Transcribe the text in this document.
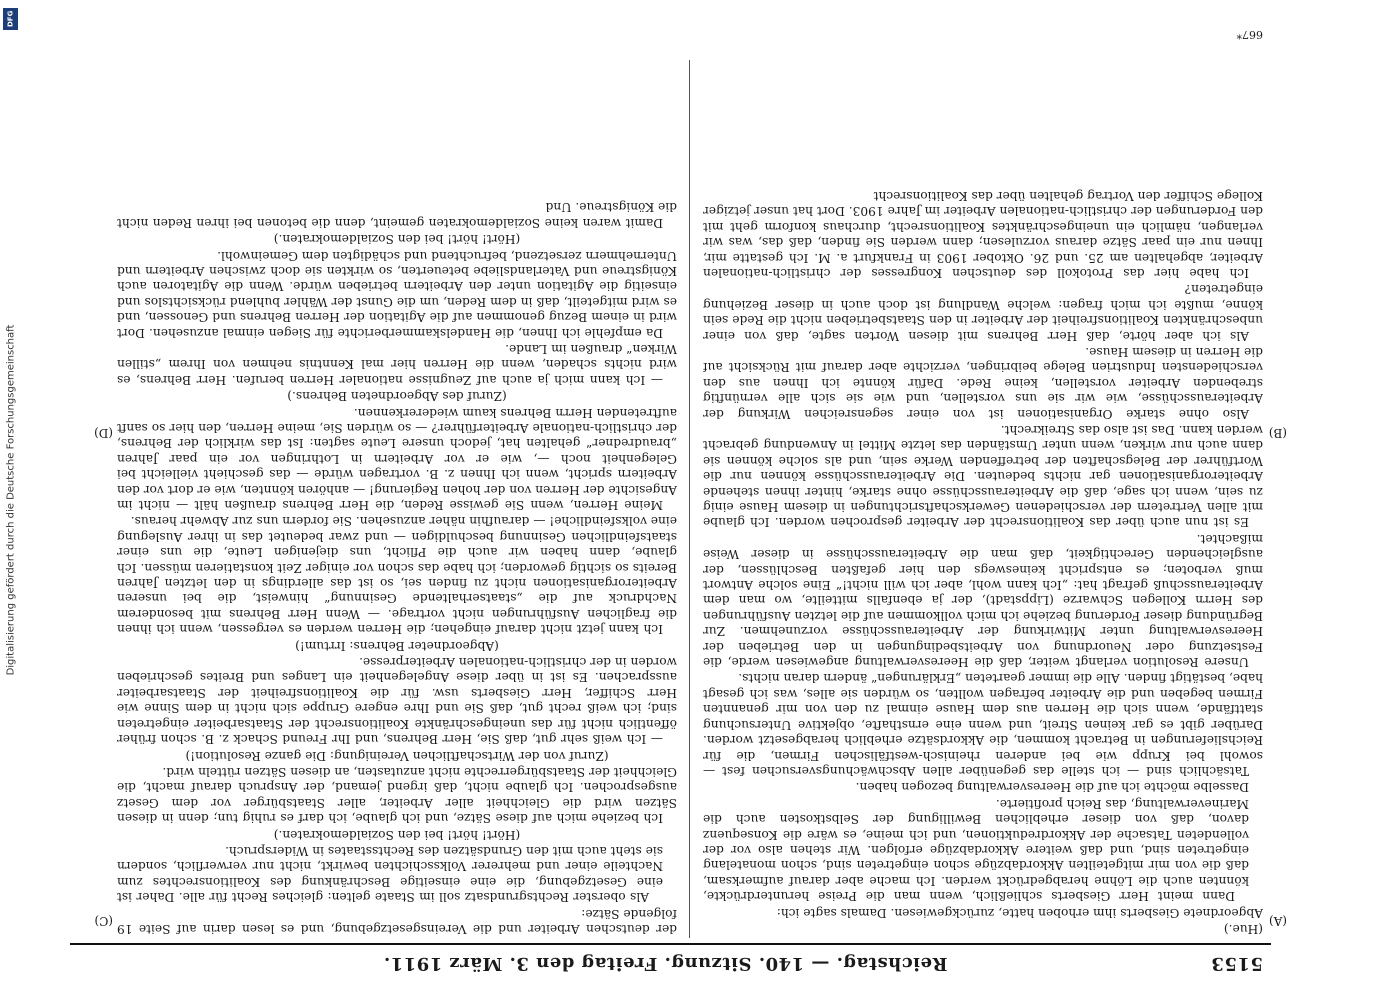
5153
Reichstag. — 140. Sitzung. Freitag den 3. März 1911.

(Hue.)

Abgeordnete Giesberts ihm erhoben hatte, zurückgewiesen. Damals sagte ich:

Dann meint Herr Giesberts schließlich, wenn man die Preise herunterdrückte, könnten auch die Löhne herabgedrückt werden. Ich mache aber darauf aufmerksam, daß die von mir mitgeteilten Akkordabzüge schon eingetreten sind, schon monatelang eingetreten sind, und daß weitere Akkordabzüge erfolgen. Wir stehen also vor der vollendeten Tatsache der Akkordreduktionen, und ich meine, es wäre die Konsequenz davon, daß von dieser erheblichen Bewilligung der Selbstkosten auch die Marineverwaltung, das Reich profitierte.

Dasselbe möchte ich auf die Heeresverwaltung bezogen haben.

Tatsächlich sind — ich stelle das gegenüber allen Abschwächungsversuchen fest — sowohl bei Krupp wie bei anderen rheinisch-westfälischen Firmen, die für Reichslieferungen in Betracht kommen, die Akkordsätze erheblich herabgesetzt worden. Darüber gibt es gar keinen Streit, und wenn eine ernsthafte, objektive Untersuchung stattfände, wenn sich die Herren aus dem Hause einmal zu den von mir genannten Firmen begeben und die Arbeiter befragen wollten, so würden sie alles, was ich gesagt habe, bestätigt finden. Alle die immer gearteten „Erklärungen“ ändern daran nichts.

Unsere Resolution verlangt weiter, daß die Heeresverwaltung angewiesen werde, die Festsetzung oder Neuordnung von Arbeitsbedingungen in den Betrieben der Heeresverwaltung unter Mitwirkung der Arbeiterausschüsse vorzunehmen. Zur Begründung dieser Forderung beziehe ich mich vollkommen auf die letzten Ausführungen des Herrn Kollegen Schwarze (Lippstadt), der ja ebenfalls mitteilte, wo man dem Arbeiterausschuß gefragt hat: „Ich kann wohl, aber ich will nicht!“ Eine solche Antwort muß verboten; es entspricht keineswegs den hier gefaßten Beschlüssen, der ausgleichenden Gerechtigkeit, daß man die Arbeiterausschüsse in dieser Weise mißachtet.

Es ist nun auch über das Koalitionsrecht der Arbeiter gesprochen worden. Ich glaube mit allen Vertretern der verschiedenen Gewerkschaftsrichtungen in diesem Hause einig zu sein, wenn ich sage, daß die Arbeiterausschüsse ohne starke, hinter ihnen stehende Arbeiterorganisationen gar nichts bedeuten. Die Arbeiterausschüsse können nur die Wortführer der Belegschaften der betreffenden Werke sein, und als solche können sie dann auch nur wirken, wenn unter Umständen das letzte Mittel in Anwendung gebracht werden kann. Das ist also das Streikrecht.

Also ohne starke Organisationen ist von einer segensreichen Wirkung der Arbeiterausschüsse, wie wir sie uns vorstellen, und wie sie sich alle vernünftig strebenden Arbeiter vorstellen, keine Rede. Dafür könnte ich Ihnen aus den verschiedensten Industrien Belege beibringen, verzichte aber darauf mit Rücksicht auf die Herren in diesem Hause.

Als ich aber hörte, daß Herr Behrens mit diesen Worten sagte, daß von einer unbeschränkten Koalitionsfreiheit der Arbeiter in den Staatsbetrieben nicht die Rede sein könne, mußte ich mich fragen: welche Wandlung ist doch auch in dieser Beziehung eingetreten?

Ich habe hier das Protokoll des deutschen Kongresses der christlich-nationalen Arbeiter, abgehalten am 25. und 26. Oktober 1903 in Frankfurt a. M. Ich gestatte mir, Ihnen nur ein paar Sätze daraus vorzulesen; dann werden Sie finden, daß das, was wir verlangen, nämlich ein uneingeschränktes Koalitionsrecht, durchaus konform geht mit den Forderungen der christlich-nationalen Arbeiter im Jahre 1903. Dort hat unser jetziger Kollege Schiffer den Vortrag gehalten über das Koalitionsrecht

der deutschen Arbeiter und die Vereinsgesetzgebung, und es lesen darin auf Seite 19 folgende Sätze:

Als oberster Rechtsgrundsatz soll im Staate gelten: gleiches Recht für alle. Daher ist eine Gesetzgebung, die eine einseitige Beschränkung des Koalitionsrechtes zum Nachteile einer und mehrerer Volksschichten bewirkt, nicht nur verwerflich, sondern sie steht auch mit den Grundsätzen des Rechtsstaates in Widerspruch.

(Hört! hört! bei den Sozialdemokraten.)

Ich beziehe mich auf diese Sätze, und ich glaube, ich darf es ruhig tun; denn in diesen Sätzen wird die Gleichheit aller Arbeiter, aller Staatsbürger vor dem Gesetz ausgesprochen. Ich glaube nicht, daß irgend jemand, der Anspruch darauf macht, die Gleichheit der Staatsbürgerrechte nicht anzutasten, an diesen Sätzen rütteln wird.

(Zuruf von der Wirtschaftlichen Vereinigung: Die ganze Resolution!)

— Ich weiß sehr gut, daß Sie, Herr Behrens, und Ihr Freund Schack z. B. schon früher öffentlich nicht für das uneingeschränkte Koalitionsrecht der Staatsarbeiter eingetreten sind; ich weiß recht gut, daß Sie und Ihre engere Gruppe sich nicht in dem Sinne wie Herr Schiffer, Herr Giesberts usw. für die Koalitionsfreiheit der Staatsarbeiter aussprachen. Es ist in über diese Angelegenheit ein Langes und Breites geschrieben worden in der christlich-nationalen Arbeiterpresse.

(Abgeordneter Behrens: Irrtum!)

Ich kann jetzt nicht darauf eingehen; die Herren werden es vergessen, wenn ich ihnen die fraglichen Ausführungen nicht vortrage. — Wenn Herr Behrens mit besonderem Nachdruck auf die „staatserhaltende Gesinnung“ hinweist, die bei unseren Arbeiterorganisationen nicht zu finden sei, so ist das allerdings in den letzten Jahren Bereits so sichtig geworden; ich habe das schon vor einiger Zeit konstatieren müssen. Ich glaube, dann haben wir auch die Pflicht, uns diejenigen Leute, die uns einer staatsfeindlichen Gesinnung beschuldigen — und zwar bedeutet das in ihrer Auslegung eine volksfeindliche! — daraufhin näher anzusehen. Sie fordern uns zur Abwehr heraus.

Meine Herren, wenn Sie gewisse Reden, die Herr Behrens draußen hält — nicht im Angesichte der Herren von der hohen Regierung! — anhören könnten, wie er dort vor den Arbeitern spricht, wenn ich Ihnen z. B. vortragen würde — das geschieht vielleicht bei Gelegenheit noch —, wie er vor Arbeitern in Lothringen vor ein paar Jahren „braudredner“ gehalten hat, jedoch unsere Leute sagten: Ist das wirklich der Behrens, der christlich-nationale Arbeiterführer? — so würden Sie, meine Herren, den hier so sanft auftretenden Herrn Behrens kaum wiedererkennen.

(Zuruf des Abgeordneten Behrens.)

— Ich kann mich ja auch auf Zeugnisse nationaler Herren berufen. Herr Behrens, es wird nichts schaden, wenn die Herren hier mal Kenntnis nehmen von Ihrem „stillen Wirken“ draußen im Lande.

Da empfehle ich Ihnen, die Handelskammerberichte für Siegen einmal anzusehen. Dort wird in einem Bezug genommen auf die Agitation der Herren Behrens und Genossen, und es wird mitgeteilt, daß in dem Reden, um die Gunst der Wähler buhlend rücksichtslos und einseitig die Agitation unter den Arbeitern betrieben würde. Wenn die Agitatoren auch Königstreue und Vaterlandsliebe beteuerten, so wirkten sie doch zwischen Arbeitern und Unternehmern zersetzend, befruchtend und schädigten dem Gemeinwohl.

(Hört! hört! bei den Sozialdemokraten.)

Damit waren keine Sozialdemokraten gemeint, denn die betonen bei ihren Reden nicht die Königstreue. Und

(A)
(B)
(C)
(D)
667*
Digitalisierung gefördert durch die Deutsche Forschungsgemeinschaft
DFG
